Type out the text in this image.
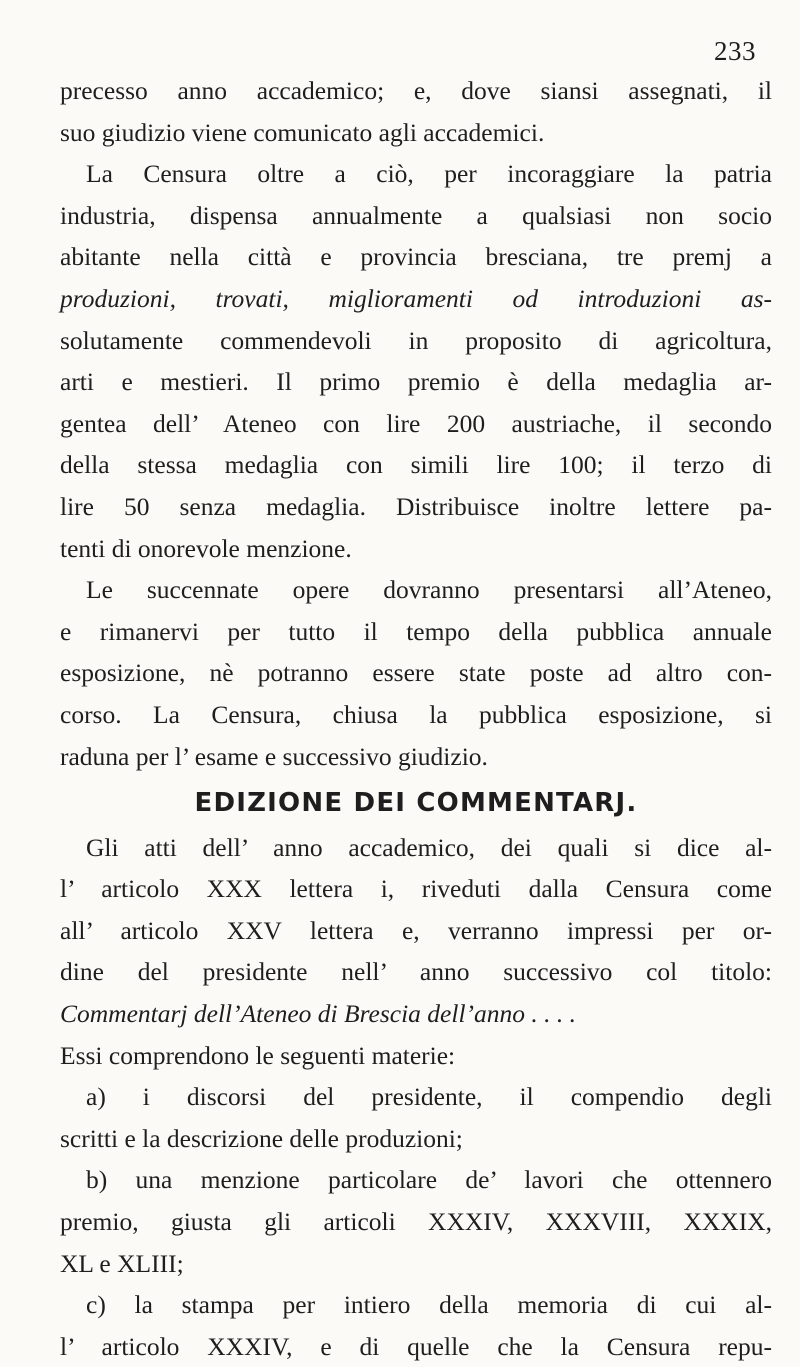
233
precesso anno accademico; e, dove siansi assegnati, il
suo giudizio viene comunicato agli accademici.
La Censura oltre a ciò, per incoraggiare la patria
industria, dispensa annualmente a qualsiasi non socio
abitante nella città e provincia bresciana, tre premj a
produzioni, trovati, miglioramenti od introduzioni as-
solutamente commendevoli in proposito di agricoltura,
arti e mestieri. Il primo premio è della medaglia ar-
gentea dell’ Ateneo con lire 200 austriache, il secondo
della stessa medaglia con simili lire 100; il terzo di
lire 50 senza medaglia. Distribuisce inoltre lettere pa-
tenti di onorevole menzione.
Le succennate opere dovranno presentarsi all’Ateneo,
e rimanervi per tutto il tempo della pubblica annuale
esposizione, nè potranno essere state poste ad altro con-
corso. La Censura, chiusa la pubblica esposizione, si
raduna per l’ esame e successivo giudizio.
EDIZIONE DEI COMMENTARJ.
Gli atti dell’ anno accademico, dei quali si dice al-
l’ articolo XXX lettera i, riveduti dalla Censura come
all’ articolo XXV lettera e, verranno impressi per or-
dine del presidente nell’ anno successivo col titolo:
Commentarj dell’Ateneo di Brescia dell’anno . . . .
Essi comprendono le seguenti materie:
a) i discorsi del presidente, il compendio degli
scritti e la descrizione delle produzioni;
b) una menzione particolare de’ lavori che ottennero
premio, giusta gli articoli XXXIV, XXXVIII, XXXIX,
XL e XLIII;
c) la stampa per intiero della memoria di cui al-
l’ articolo XXXIV, e di quelle che la Censura repu-
